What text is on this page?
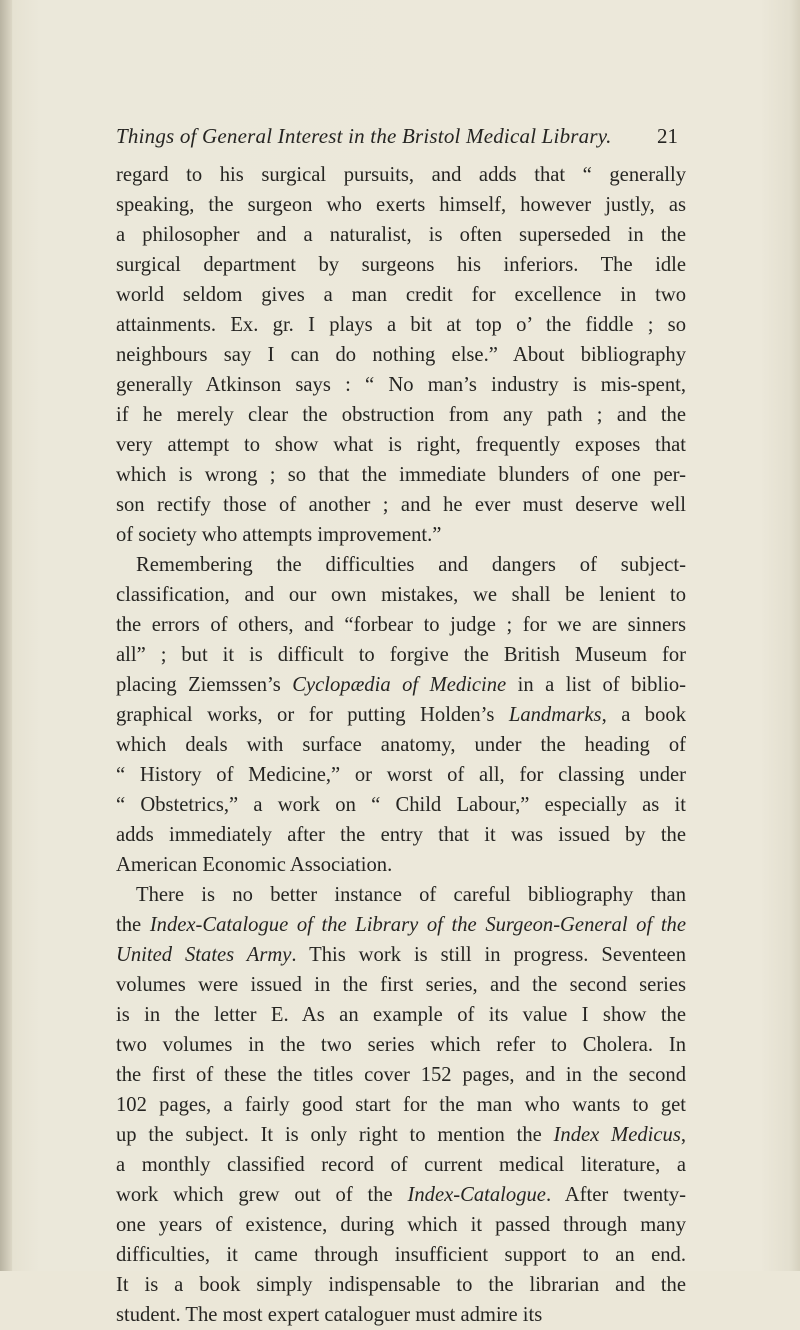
Things of General Interest in the Bristol Medical Library.	21
regard to his surgical pursuits, and adds that “ generally
speaking, the surgeon who exerts himself, however justly, as
a philosopher and a naturalist, is often superseded in the
surgical department by surgeons his inferiors. The idle
world seldom gives a man credit for excellence in two
attainments. Ex. gr. I plays a bit at top o’ the fiddle ; so
neighbours say I can do nothing else.” About bibliography
generally Atkinson says : “ No man’s industry is mis-spent,
if he merely clear the obstruction from any path ; and the
very attempt to show what is right, frequently exposes that
which is wrong ; so that the immediate blunders of one per-
son rectify those of another ; and he ever must deserve well
of society who attempts improvement.”
Remembering the difficulties and dangers of subject-
classification, and our own mistakes, we shall be lenient to
the errors of others, and “forbear to judge ; for we are sinners
all” ; but it is difficult to forgive the British Museum for
placing Ziemssen’s Cyclopædia of Medicine in a list of biblio-
graphical works, or for putting Holden’s Landmarks, a book
which deals with surface anatomy, under the heading of
“ History of Medicine,” or worst of all, for classing under
“ Obstetrics,” a work on “ Child Labour,” especially as it
adds immediately after the entry that it was issued by the
American Economic Association.
There is no better instance of careful bibliography than
the Index-Catalogue of the Library of the Surgeon-General of the
United States Army. This work is still in progress. Seventeen
volumes were issued in the first series, and the second series
is in the letter E. As an example of its value I show the
two volumes in the two series which refer to Cholera. In
the first of these the titles cover 152 pages, and in the second
102 pages, a fairly good start for the man who wants to get
up the subject. It is only right to mention the Index Medicus,
a monthly classified record of current medical literature, a
work which grew out of the Index-Catalogue. After twenty-
one years of existence, during which it passed through many
difficulties, it came through insufficient support to an end.
It is a book simply indispensable to the librarian and the
student. The most expert cataloguer must admire its
